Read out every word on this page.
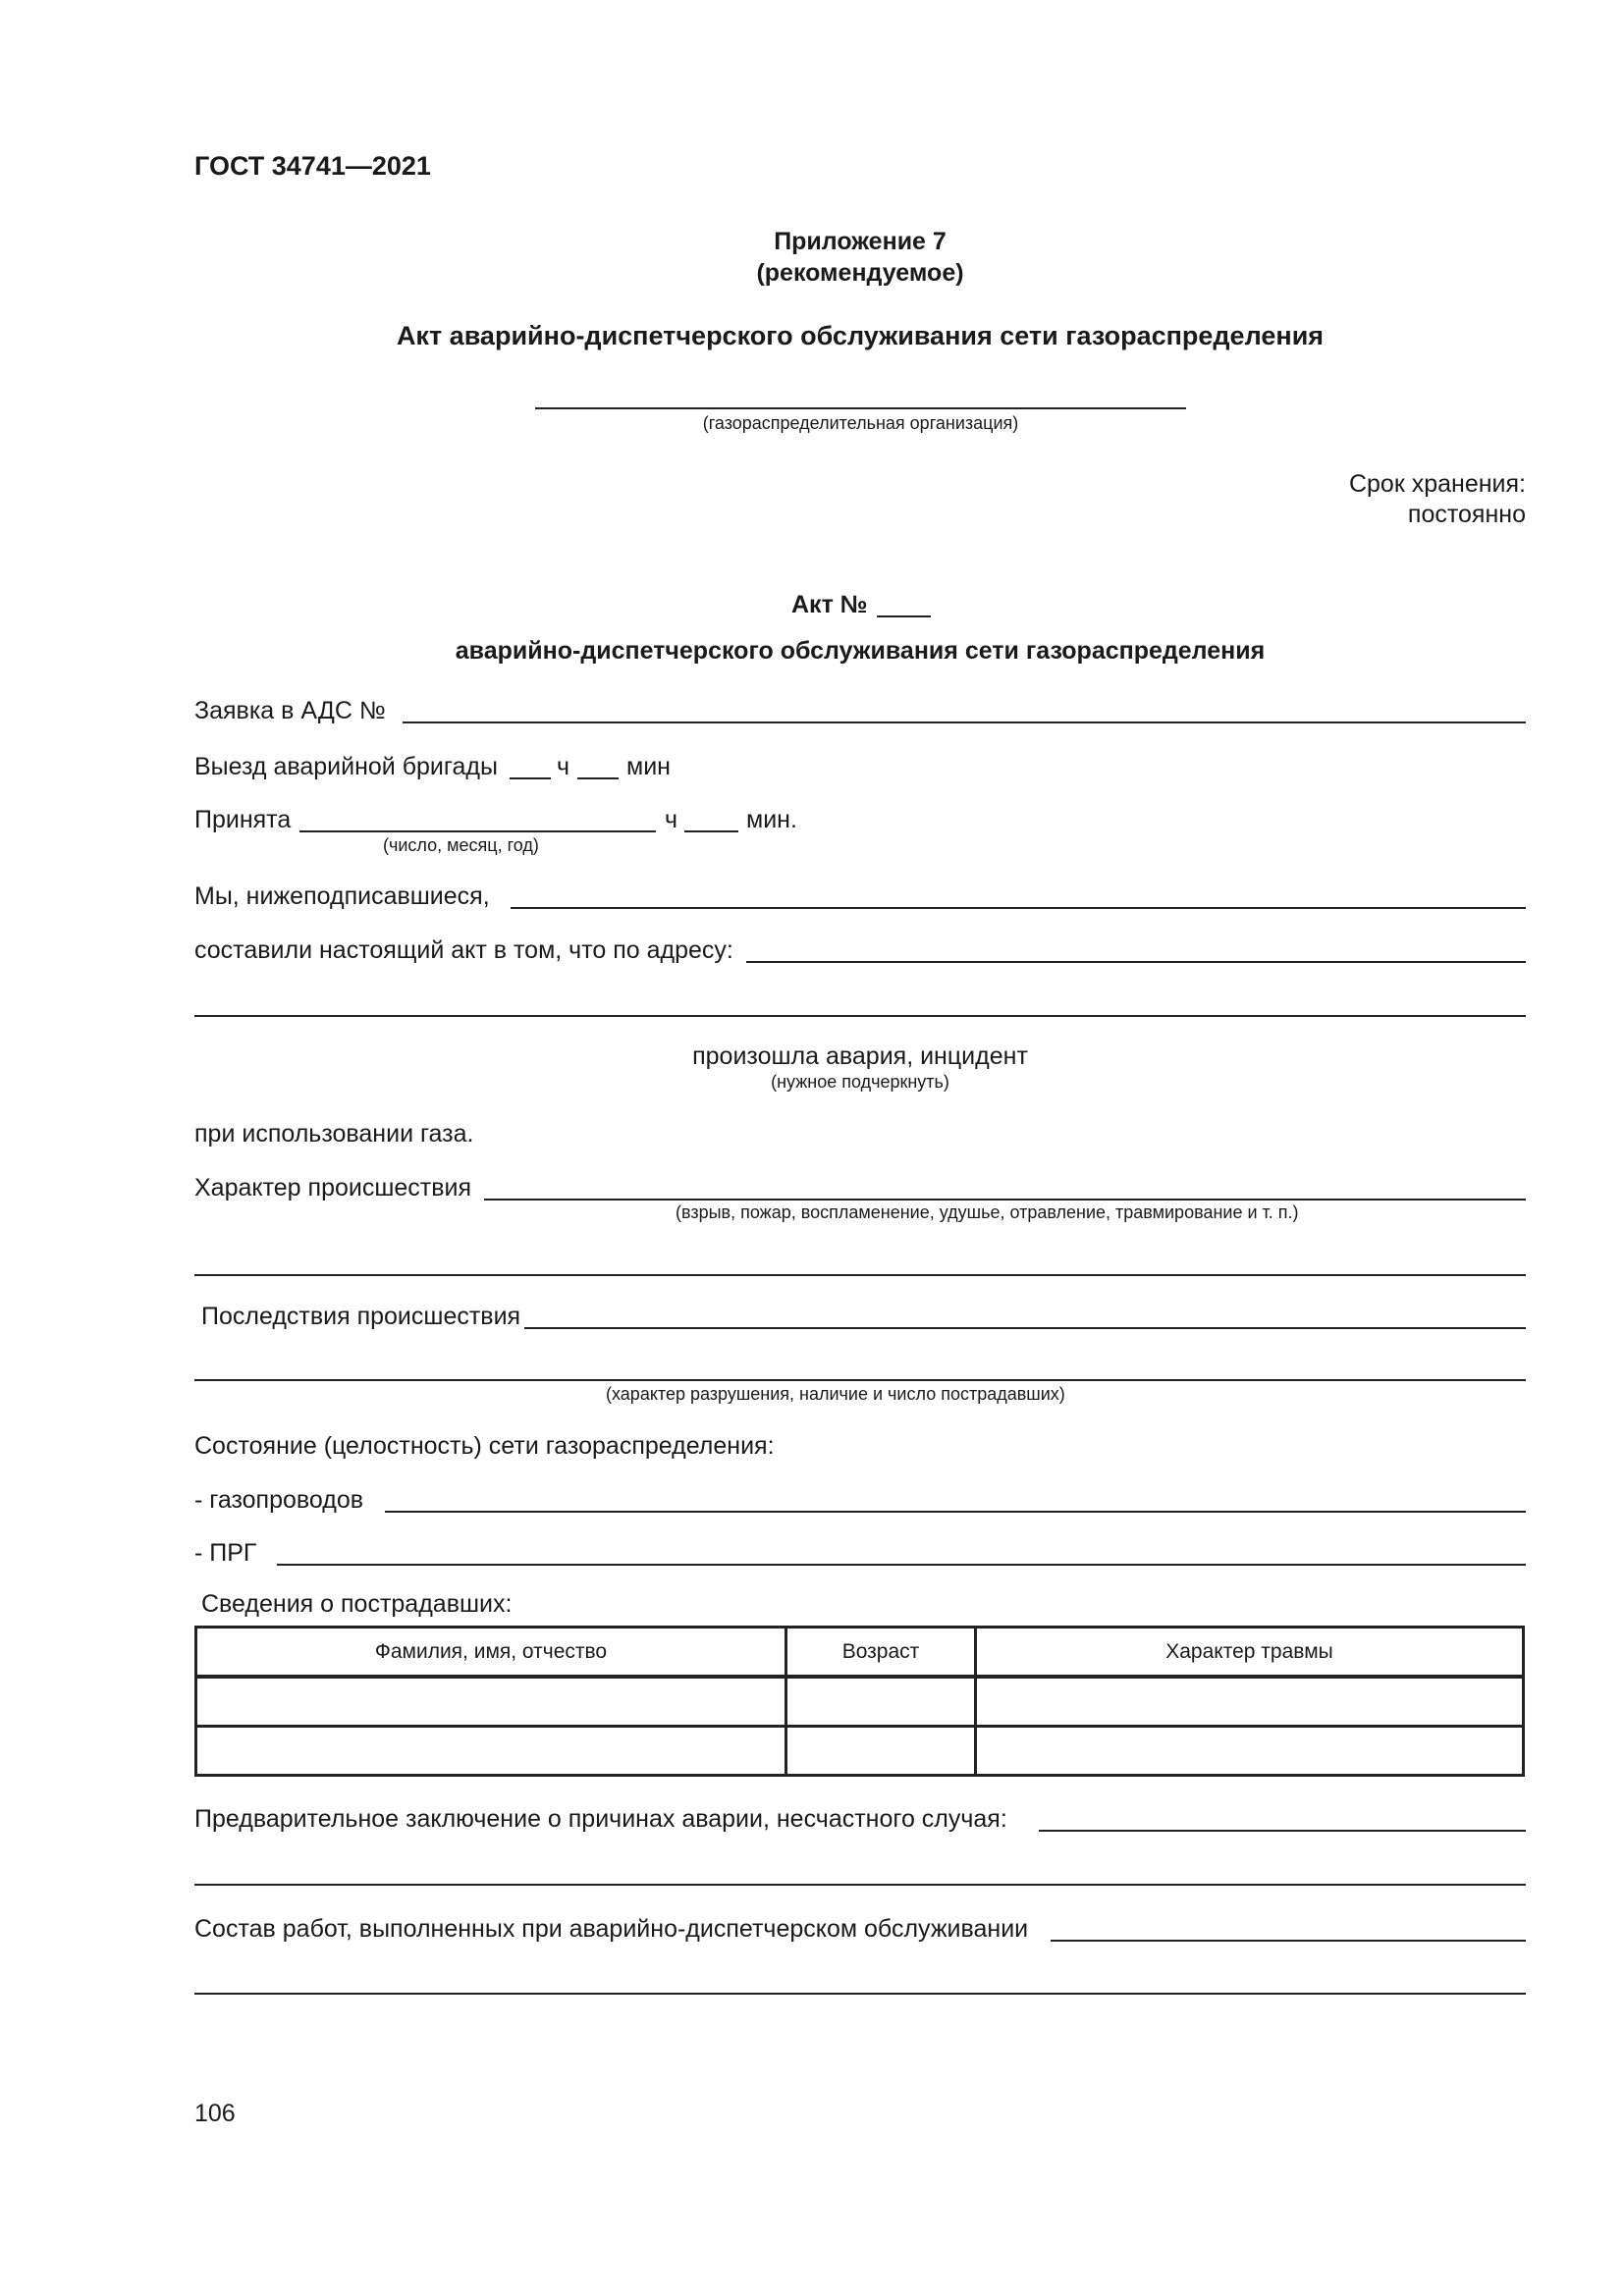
ГОСТ 34741—2021
Приложение 7
(рекомендуемое)
Акт аварийно-диспетчерского обслуживания сети газораспределения
(газораспределительная организация)
Срок хранения:
постоянно
Акт №
аварийно-диспетчерского обслуживания сети газораспределения
Заявка в АДС №
Выезд аварийной бригады ч мин
Принята
(число, месяц, год)
ч	мин.
Мы, нижеподписавшиеся,
составили настоящий акт в том, что по адресу:
произошла авария, инцидент
(нужное подчеркнуть)
при использовании газа.
Характер происшествия
(взрыв, пожар, воспламенение, удушье, отравление, травмирование и т. п.)
Последствия происшествия
(характер разрушения, наличие и число пострадавших)
Состояние (целостность) сети газораспределения:
- газопроводов
- ПРГ
Сведения о пострадавших:
Фамилия, имя, отчество	Возраст	Характер травмы

Предварительное заключение о причинах аварии, несчастного случая:
Состав работ, выполненных при аварийно-диспетчерском обслуживании
106
